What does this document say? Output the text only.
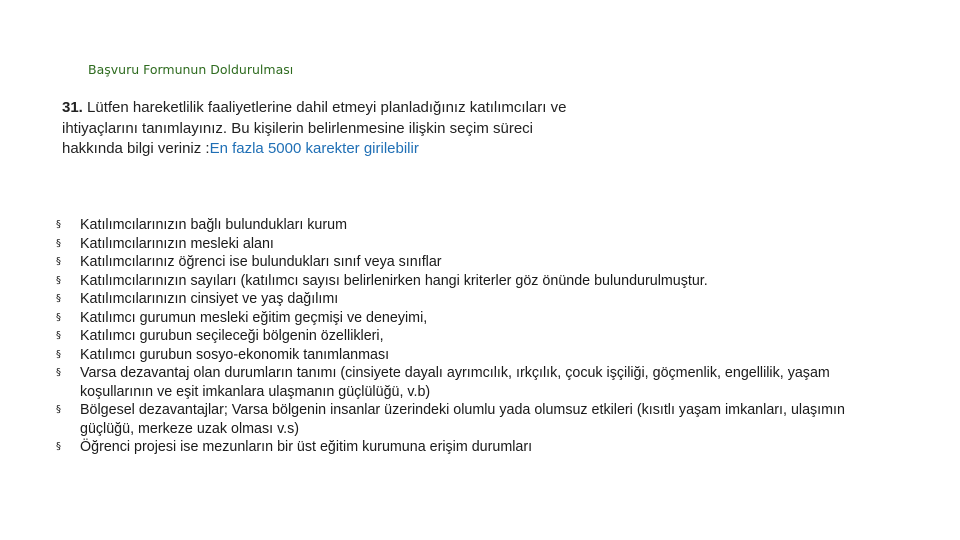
Başvuru Formunun Doldurulması
31. Lütfen hareketlilik faaliyetlerine dahil etmeyi planladığınız katılımcıları ve ihtiyaçlarını tanımlayınız. Bu kişilerin belirlenmesine ilişkin seçim süreci hakkında bilgi veriniz :En fazla 5000 karekter girilebilir
§ Katılımcılarınızın bağlı bulundukları kurum
§ Katılımcılarınızın mesleki alanı
§ Katılımcılarınız öğrenci ise bulundukları sınıf veya sınıflar
§ Katılımcılarınızın sayıları (katılımcı sayısı belirlenirken hangi kriterler göz önünde bulundurulmuştur.
§ Katılımcılarınızın cinsiyet ve yaş dağılımı
§ Katılımcı gurumun mesleki eğitim geçmişi ve deneyimi,
§ Katılımcı gurubun seçileceği bölgenin özellikleri,
§ Katılımcı gurubun sosyo-ekonomik tanımlanması
§ Varsa dezavantaj olan durumların tanımı (cinsiyete dayalı ayrımcılık, ırkçılık, çocuk işçiliği, göçmenlik, engellilik, yaşam koşullarının ve eşit imkanlara ulaşmanın güçlülüğü, v.b)
§ Bölgesel dezavantajlar; Varsa bölgenin insanlar üzerindeki olumlu yada olumsuz etkileri (kısıtlı yaşam imkanları, ulaşımın güçlüğü, merkeze uzak olması v.s)
§ Öğrenci projesi ise mezunların bir üst eğitim kurumuna erişim durumları
